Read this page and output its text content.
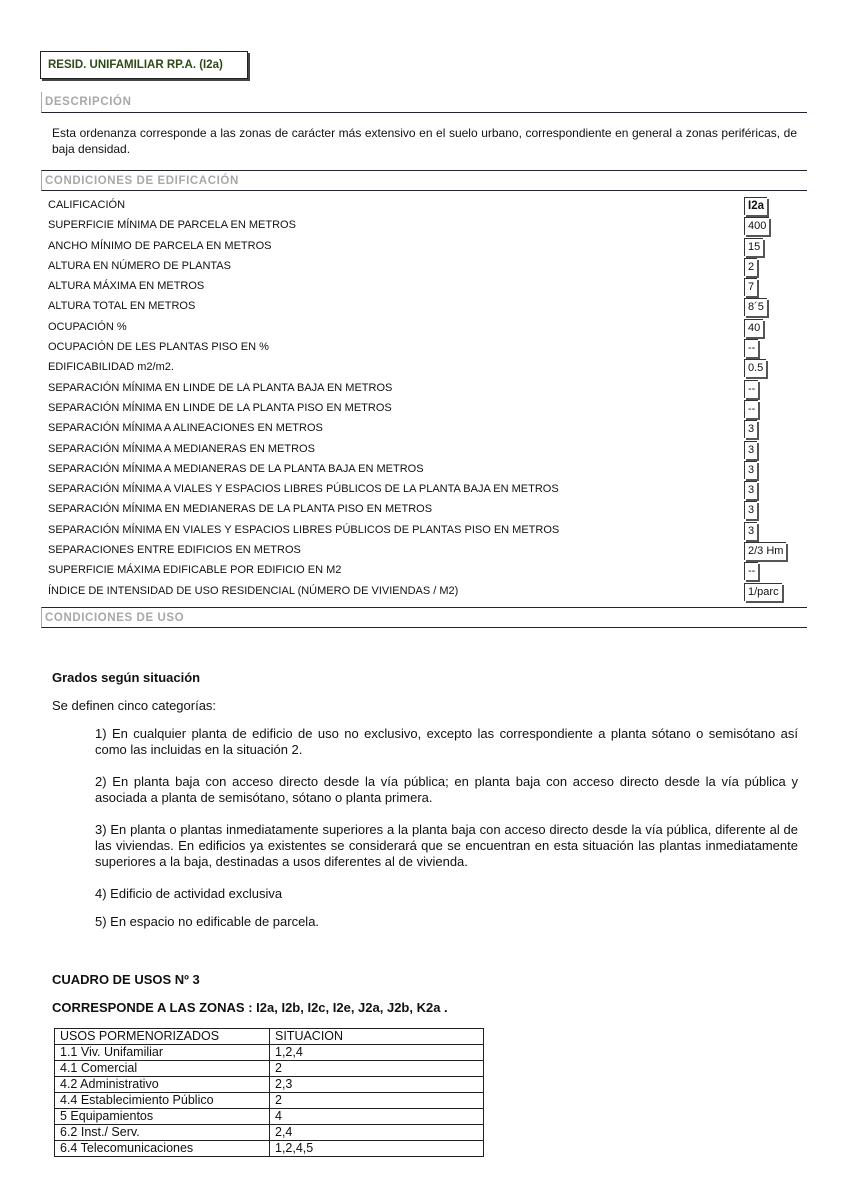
RESID. UNIFAMILIAR RP.A. (I2a)
DESCRIPCIÓN
Esta ordenanza corresponde a las zonas de carácter más extensivo en el suelo urbano, correspondiente en general a zonas periféricas, de baja densidad.
CONDICIONES DE EDIFICACIÓN
CALIFICACIÓN	I2a
SUPERFICIE MÍNIMA DE PARCELA EN METROS	400
ANCHO MÍNIMO DE PARCELA EN METROS	15
ALTURA EN NÚMERO DE PLANTAS	2
ALTURA MÁXIMA EN METROS	7
ALTURA TOTAL EN METROS	8´5
OCUPACIÓN %	40
OCUPACIÓN DE LES PLANTAS PISO EN %	--
EDIFICABILIDAD m2/m2.	0.5
SEPARACIÓN MÍNIMA EN LINDE DE LA PLANTA BAJA EN METROS	--
SEPARACIÓN MÍNIMA EN LINDE DE LA PLANTA PISO EN METROS	--
SEPARACIÓN MÍNIMA A ALINEACIONES EN METROS	3
SEPARACIÓN MÍNIMA A MEDIANERAS EN METROS	3
SEPARACIÓN MÍNIMA A MEDIANERAS DE LA PLANTA BAJA EN METROS	3
SEPARACIÓN MÍNIMA A VIALES Y ESPACIOS LIBRES PÚBLICOS DE LA PLANTA BAJA EN METROS	3
SEPARACIÓN MÍNIMA EN MEDIANERAS DE LA PLANTA PISO EN METROS	3
SEPARACIÓN MÍNIMA EN VIALES Y ESPACIOS LIBRES PÚBLICOS DE PLANTAS PISO EN METROS	3
SEPARACIONES ENTRE EDIFICIOS EN METROS	2/3 Hm
SUPERFICIE MÁXIMA EDIFICABLE POR EDIFICIO EN M2	--
ÍNDICE DE INTENSIDAD DE USO RESIDENCIAL (NÚMERO DE VIVIENDAS / M2)	1/parc
CONDICIONES DE USO
Grados según situación
Se definen cinco categorías:
1) En cualquier planta de edificio de uso no exclusivo, excepto las correspondiente a planta sótano o semisótano así como las incluidas en la situación 2.
2) En planta baja con acceso directo desde la vía pública; en planta baja con acceso directo desde la vía pública y asociada a planta de semisótano, sótano o planta primera.
3) En planta o plantas inmediatamente superiores a la planta baja con acceso directo desde la vía pública, diferente al de las viviendas. En edificios ya existentes se considerará que se encuentran en esta situación las plantas inmediatamente superiores a la baja, destinadas a usos diferentes al de vivienda.
4) Edificio de actividad exclusiva
5) En espacio no edificable de parcela.
CUADRO DE USOS Nº 3
CORRESPONDE A LAS ZONAS : I2a, I2b, I2c, I2e, J2a, J2b, K2a .
USOS PORMENORIZADOS	SITUACION
1.1 Viv. Unifamiliar	1,2,4
4.1 Comercial	2
4.2 Administrativo	2,3
4.4 Establecimiento Público	2
5 Equipamientos	4
6.2 Inst./ Serv.	2,4
6.4 Telecomunicaciones	1,2,4,5
